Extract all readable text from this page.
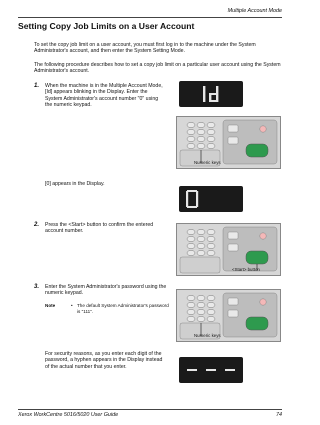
Multiple Account Mode
Setting Copy Job Limits on a User Account
To set the copy job limit on a user account, you must first log in to the machine under the System Administrator's account, and then enter the System Setting Mode.
The following procedure describes how to set a copy job limit on a particular user account using the System Administrator's account.
1. When the machine is in the Multiple Account Mode, [Id] appears blinking in the Display. Enter the System Administrator's account number "0" using the numeric keypad.
Numeric keys
[0] appears in the Display.
2. Press the <Start> button to confirm the entered account number.
<Start> button
3. Enter the System Administrator's password using the numeric keypad.
Note	• The default System Administrator's password is "111".
Numeric keys
For security reasons, as you enter each digit of the password, a hyphen appears in the Display instead of the actual number that you enter.
Xerox WorkCentre 5016/5020 User Guide	74
